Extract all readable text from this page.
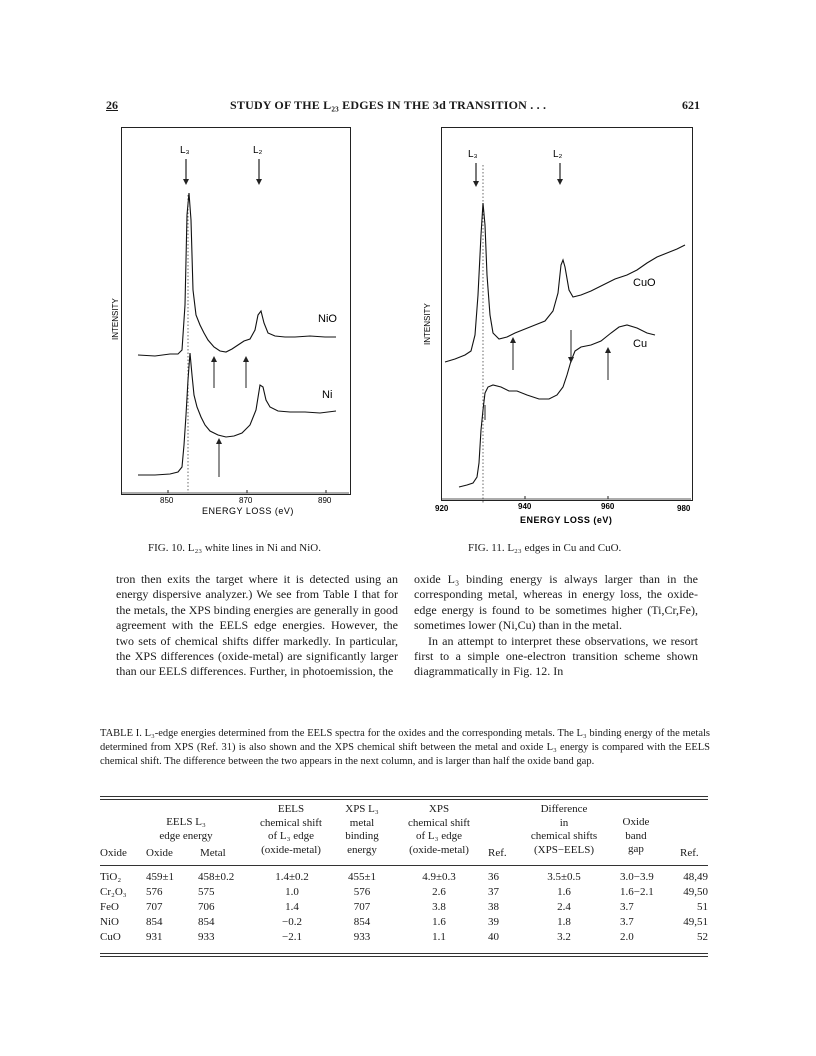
26	STUDY OF THE L₂₃ EDGES IN THE 3d TRANSITION . . .	621
L₃	L₂
NiO
Ni
INTENSITY
850	870	890
ENERGY LOSS (eV)
FIG. 10. L₂₃ white lines in Ni and NiO.
L₃	L₂
CuO
Cu
INTENSITY
920	940	960	980
ENERGY LOSS (eV)
FIG. 11. L₂₃ edges in Cu and CuO.

tron then exits the target where it is detected using an energy dispersive analyzer.) We see from Table I that for the metals, the XPS binding energies are generally in good agreement with the EELS edge energies. However, the two sets of chemical shifts differ markedly. In particular, the XPS differences (oxide-metal) are significantly larger than our EELS differences. Further, in photoemission, the

oxide L₃ binding energy is always larger than in the corresponding metal, whereas in energy loss, the oxide-edge energy is found to be sometimes higher (Ti,Cr,Fe), sometimes lower (Ni,Cu) than in the metal.

In an attempt to interpret these observations, we resort first to a simple one-electron transition scheme shown diagrammatically in Fig. 12. In

TABLE I. L₃-edge energies determined from the EELS spectra for the oxides and the corresponding metals. The L₃ binding energy of the metals determined from XPS (Ref. 31) is also shown and the XPS chemical shift between the metal and oxide L₃ energy is compared with the EELS chemical shift. The difference between the two appears in the next column, and is larger than half the oxide band gap.
EELS L₃
edge energy
Oxide Oxide Metal
EELS
chemical shift
of L₃ edge
(oxide-metal)
XPS L₃
metal
binding
energy
XPS
chemical shift
of L₃ edge
(oxide-metal)	Ref.
Difference
in
chemical shifts
(XPS−EELS)
Oxide
band
gap	Ref.
TiO₂ 459±1 458±0.2	1.4±0.2	455±1	4.9±0.3	36	3.5±0.5	3.0−3.9	48,49
Cr₂O₃ 576	575	1.0	576	2.6	37	1.6	1.6−2.1	49,50
FeO 707	706	1.4	707	3.8	38	2.4	3.7	51
NiO 854	854	−0.2	854	1.6	39	1.8	3.7	49,51
CuO 931	933	−2.1	933	1.1	40	3.2	2.0	52
